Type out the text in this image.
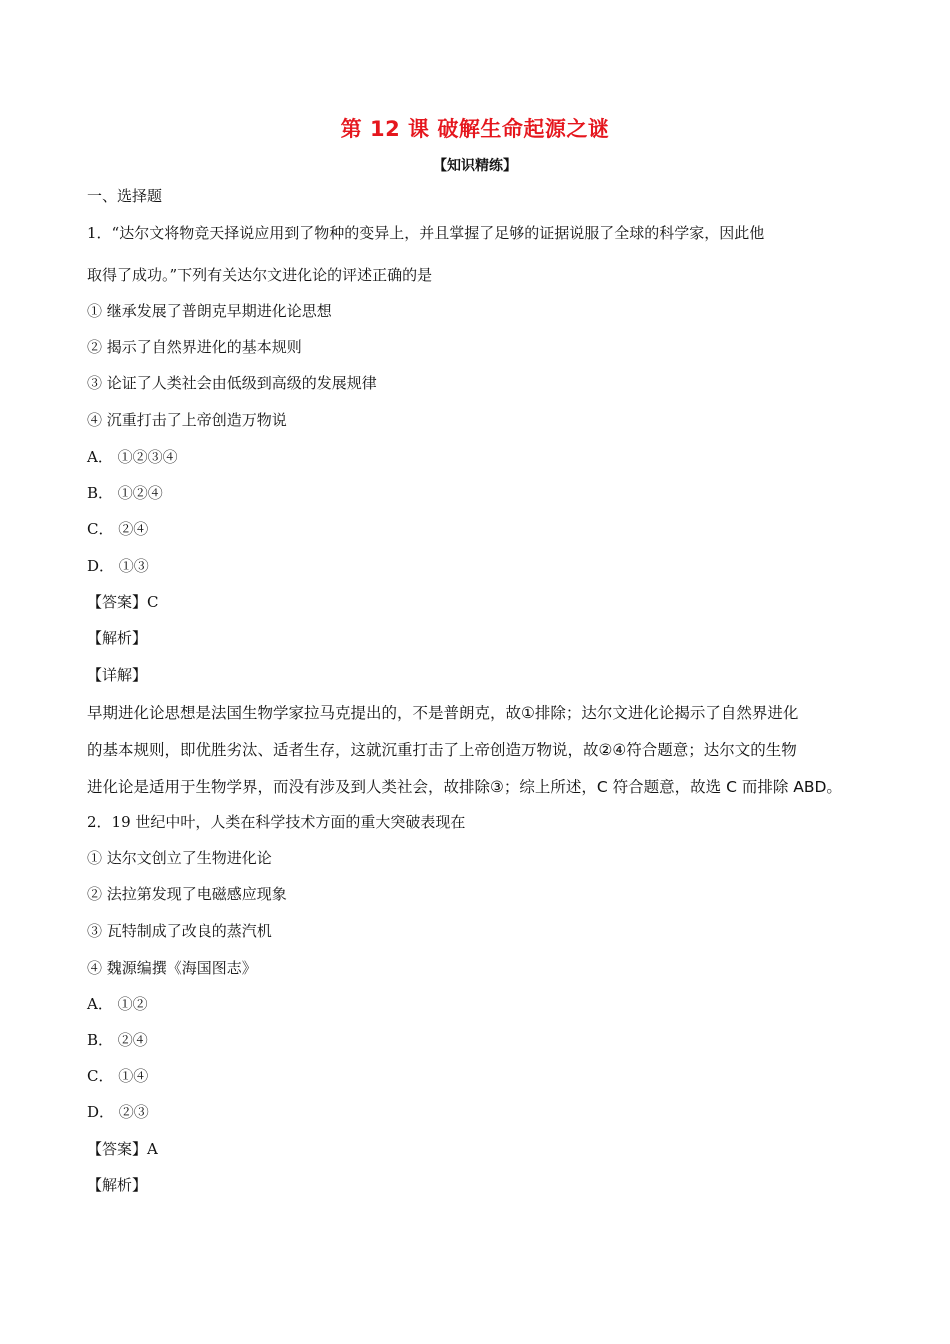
第 12 课 破解生命起源之谜
【知识精练】
一、选择题
1．“达尔文将物竞天择说应用到了物种的变异上，并且掌握了足够的证据说服了全球的科学家，因此他
取得了成功。”下列有关达尔文进化论的评述正确的是
① 继承发展了普朗克早期进化论思想
② 揭示了自然界进化的基本规则
③ 论证了人类社会由低级到高级的发展规律
④ 沉重打击了上帝创造万物说
A． ①②③④
B． ①②④
C． ②④
D． ①③
【答案】C
【解析】
【详解】
早期进化论思想是法国生物学家拉马克提出的，不是普朗克，故①排除；达尔文进化论揭示了自然界进化
的基本规则，即优胜劣汰、适者生存，这就沉重打击了上帝创造万物说，故②④符合题意；达尔文的生物
进化论是适用于生物学界，而没有涉及到人类社会，故排除③；综上所述，C 符合题意，故选 C 而排除 ABD。
2．19 世纪中叶，人类在科学技术方面的重大突破表现在
① 达尔文创立了生物进化论
② 法拉第发现了电磁感应现象
③ 瓦特制成了改良的蒸汽机
④ 魏源编撰《海国图志》
A． ①②
B． ②④
C． ①④
D． ②③
【答案】A
【解析】
